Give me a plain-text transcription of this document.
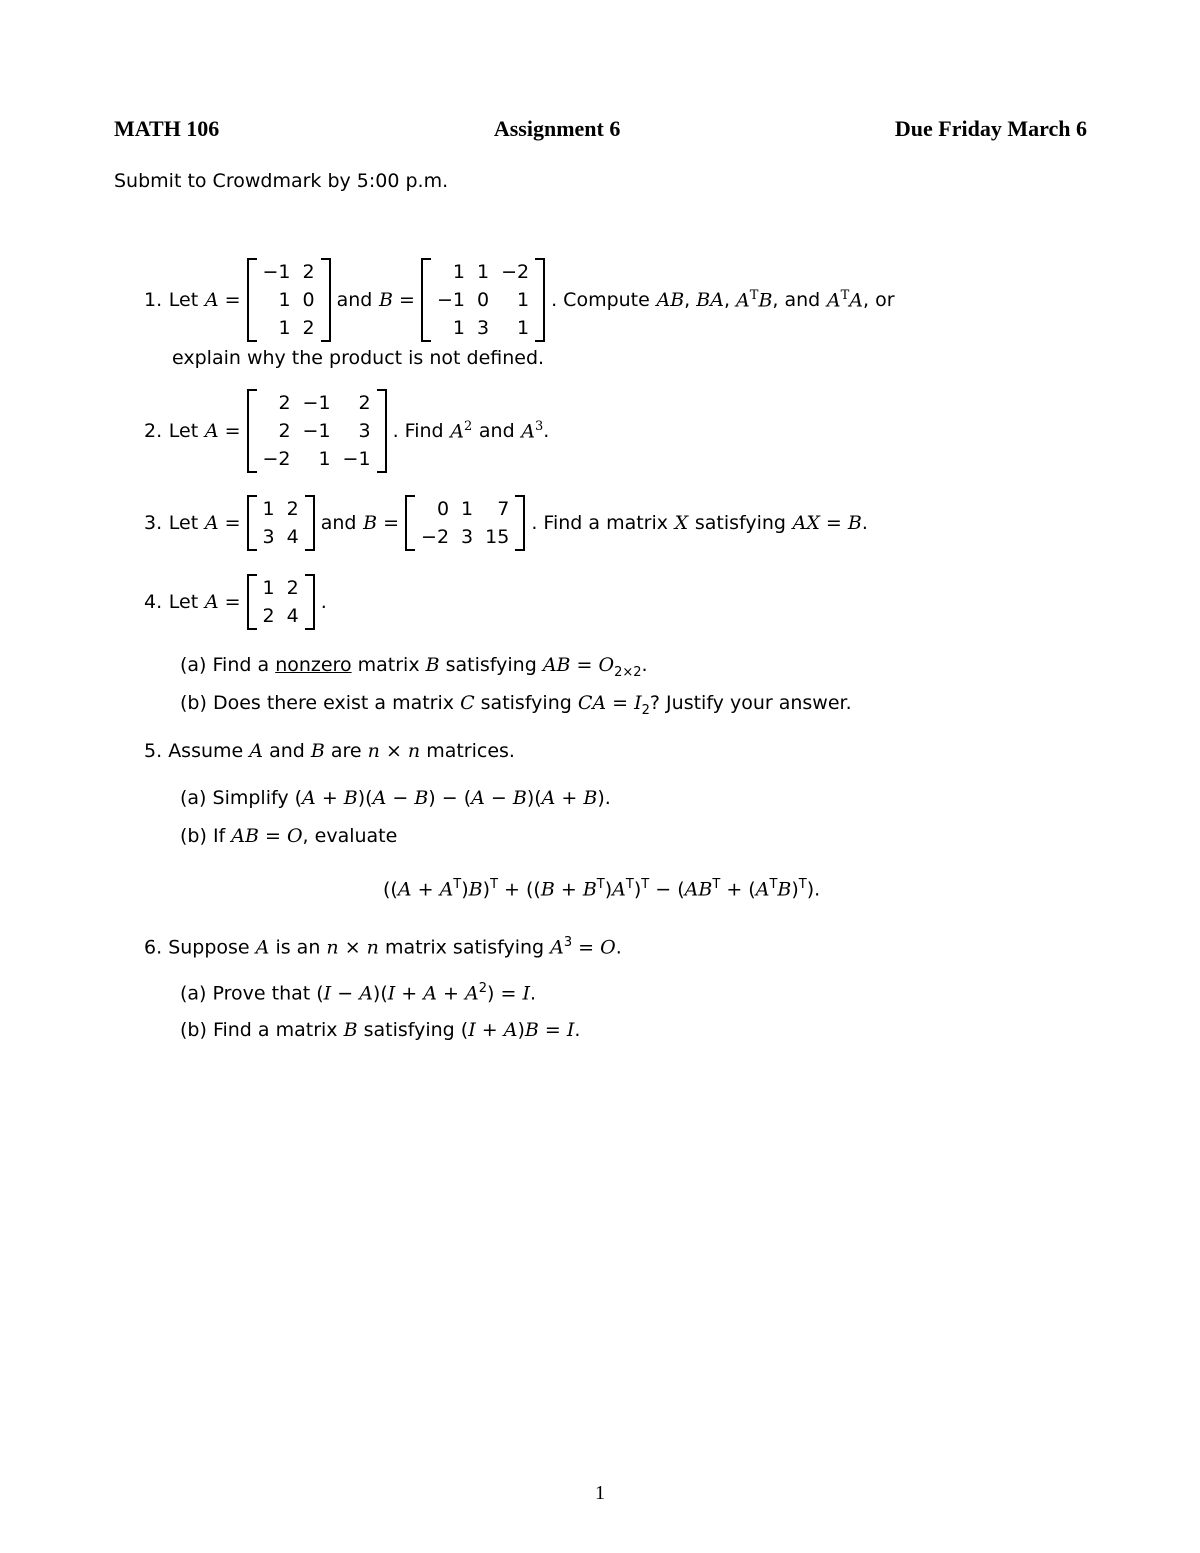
MATH 106	Assignment 6	Due Friday March 6
Submit to Crowdmark by 5:00 p.m.
1. Let A =
−1	2
1	0
1	2
and B =
1	1	−2
−1	0	1
1	3	1
. Compute AB , BA , $A^TB$ , and $A^TA$ , or
explain why the product is not defined.
2. Let A =
2	−1	2
2	−1	3
−2	1	−1
. Find $A^2$ and $A^3$ .
3. Let A =
1	2
3	4
and B =
0	1	7
−2	3	15
. Find a matrix X satisfying AX = B .
4. Let A =
1	2
2	4
.
(a) Find a nonzero matrix B satisfying AB = $O_{2\times 2}$.
(b) Does there exist a matrix C satisfying CA = $I_2$? Justify your answer.
5. Assume A and B are n × n matrices.
(a) Simplify (A + B)(A − B) − (A − B)(A + B).
(b) If AB = O, evaluate
$((A + A^T)B)^T + ((B + B^T)A^T)^T - (AB^T + (A^TB)^T)$.
6. Suppose A is an n × n matrix satisfying $A^3 = O$.
(a) Prove that $(I - A)(I + A + A^2) = I$.
(b) Find a matrix B satisfying (I + A)B = I.
1
